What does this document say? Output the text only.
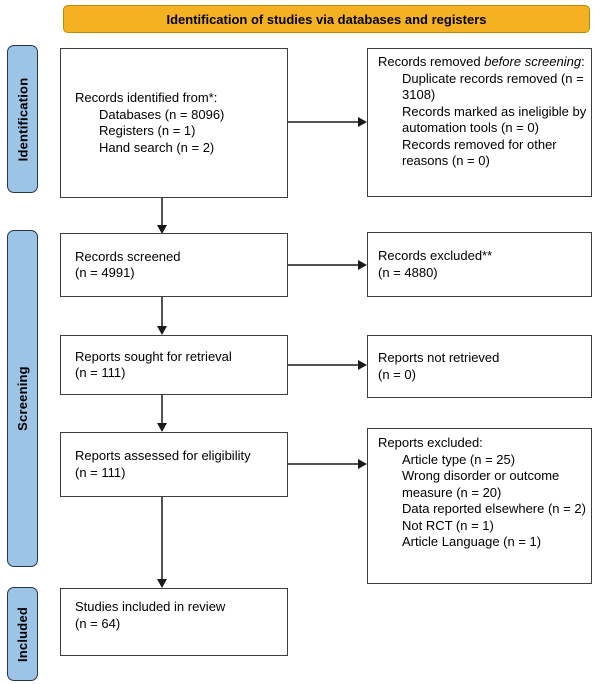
Identification of studies via databases and registers
Identification
Screening
Included
Records identified from*:
Databases (n = 8096)
Registers (n = 1)
Hand search (n = 2)
Records screened
(n = 4991)
Reports sought for retrieval
(n = 111)
Reports assessed for eligibility
(n = 111)
Studies included in review
(n = 64)
Records removed before screening:
Duplicate records removed (n = 3108)
Records marked as ineligible by automation tools (n = 0)
Records removed for other reasons (n = 0)
Records excluded**
(n = 4880)
Reports not retrieved
(n = 0)
Reports excluded:
Article type (n = 25)
Wrong disorder or outcome measure (n = 20)
Data reported elsewhere (n = 2)
Not RCT (n = 1)
Article Language (n = 1)
